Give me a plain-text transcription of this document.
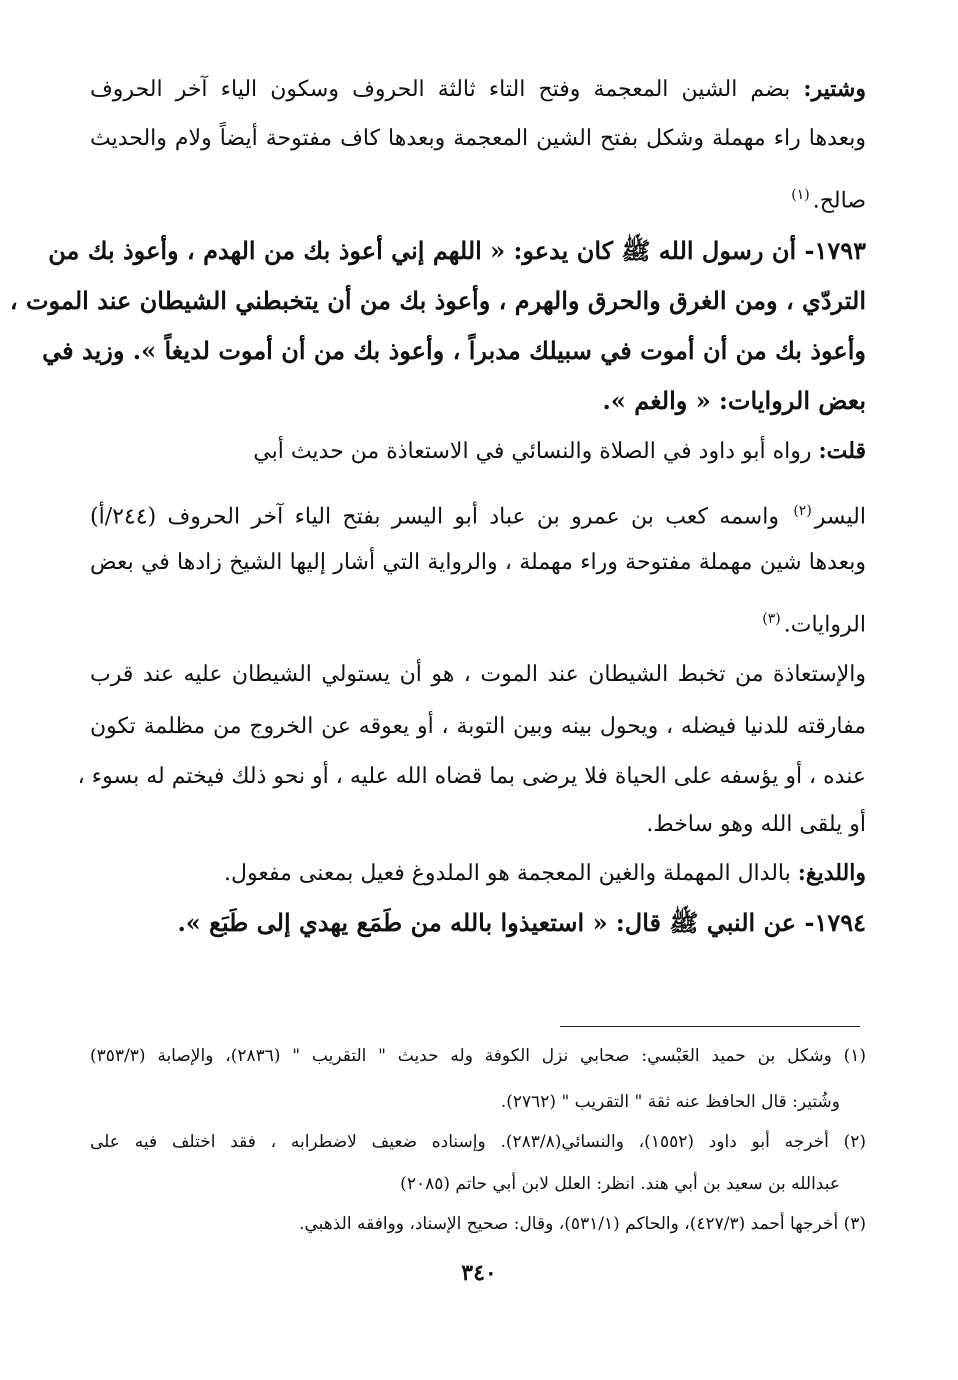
وشتير: بضم الشين المعجمة وفتح التاء ثالثة الحروف وسكون الياء آخر الحروف
وبعدها راء مهملة وشكل بفتح الشين المعجمة وبعدها كاف مفتوحة أيضاً ولام والحديث
صالح.$^{(١)}$
١٧٩٣- أن رسول الله ﷺ كان يدعو: « اللهم إني أعوذ بك من الهدم ، وأعوذ بك من
التردّي ، ومن الغرق والحرق والهرم ، وأعوذ بك من أن يتخبطني الشيطان عند الموت ،
وأعوذ بك من أن أموت في سبيلك مدبراً ، وأعوذ بك من أن أموت لديغاً ». وزيد في
بعض الروايات: « والغم ».
قلت: رواه أبو داود في الصلاة والنسائي في الاستعاذة من حديث أبي
اليسر$^{(٢)}$ واسمه كعب بن عمرو بن عباد أبو اليسر بفتح الياء آخر الحروف (٢٤٤/أ)
وبعدها شين مهملة مفتوحة وراء مهملة ، والرواية التي أشار إليها الشيخ زادها في بعض
الروايات.$^{(٣)}$
والإستعاذة من تخبط الشيطان عند الموت ، هو أن يستولي الشيطان عليه عند قرب
مفارقته للدنيا فيضله ، ويحول بينه وبين التوبة ، أو يعوقه عن الخروج من مظلمة تكون
عنده ، أو يؤسفه على الحياة فلا يرضى بما قضاه الله عليه ، أو نحو ذلك فيختم له بسوء ،
أو يلقى الله وهو ساخط.
واللديغ: بالدال المهملة والغين المعجمة هو الملدوغ فعيل بمعنى مفعول.
١٧٩٤- عن النبي ﷺ قال: « استعيذوا بالله من طَمَع يهدي إلى طَبَع ».
(١) وشكل بن حميد العَبْسي: صحابي نزل الكوفة وله حديث " التقريب " (٢٨٣٦)، والإصابة (٣٥٣/٣)
وشُتير: قال الحافظ عنه ثقة " التقريب " (٢٧٦٢).
(٢) أخرجه أبو داود (١٥٥٢)، والنسائي(٢٨٣/٨). وإسناده ضعيف لاضطرابه ، فقد اختلف فيه على
عبدالله بن سعيد بن أبي هند. انظر: العلل لابن أبي حاتم (٢٠٨٥)
(٣) أخرجها أحمد (٤٢٧/٣)، والحاكم (٥٣١/١)، وقال: صحيح الإسناد، ووافقه الذهبي.
٣٤٠
